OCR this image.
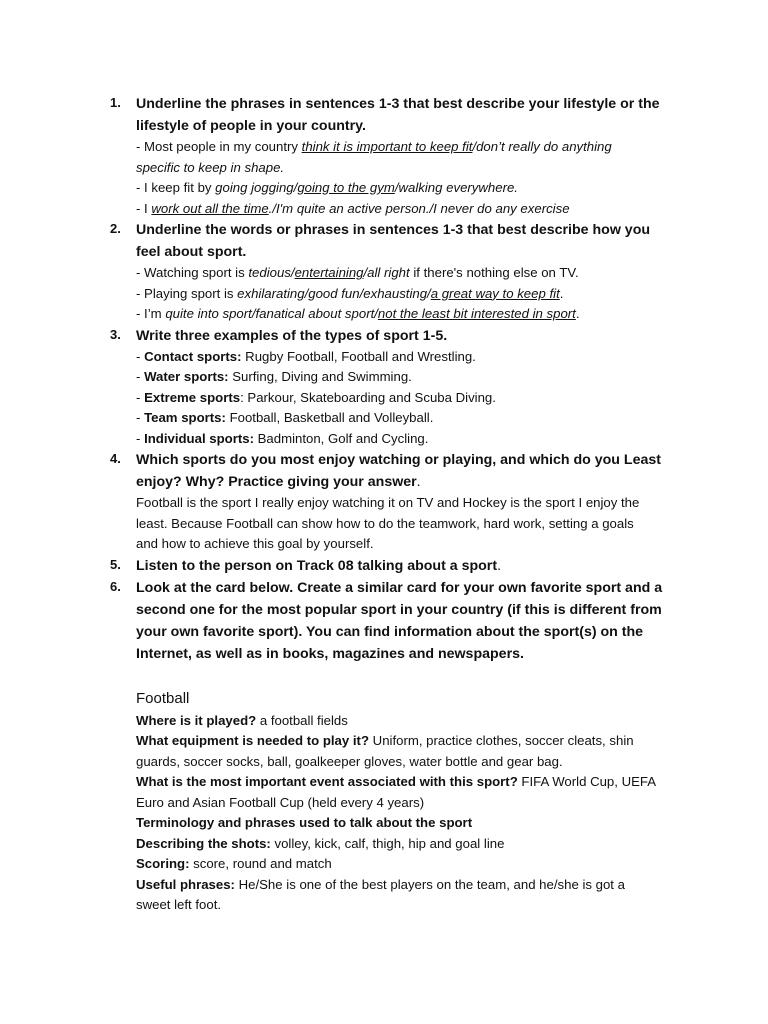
1. Underline the phrases in sentences 1-3 that best describe your lifestyle or the
lifestyle of people in your country.
- Most people in my country think it is important to keep fit/don’t really do anything
specific to keep in shape.
- I keep fit by going jogging/going to the gym/walking everywhere.
- I work out all the time./I'm quite an active person./I never do any exercise
2. Underline the words or phrases in sentences 1-3 that best describe how you
feel about sport.
- Watching sport is tedious/entertaining/all right if there's nothing else on TV.
- Playing sport is exhilarating/good fun/exhausting/a great way to keep fit.
- I’m quite into sport/fanatical about sport/not the least bit interested in sport.
3. Write three examples of the types of sport 1-5.
- Contact sports: Rugby Football, Football and Wrestling.
- Water sports: Surfing, Diving and Swimming.
- Extreme sports: Parkour, Skateboarding and Scuba Diving.
- Team sports: Football, Basketball and Volleyball.
- Individual sports: Badminton, Golf and Cycling.
4. Which sports do you most enjoy watching or playing, and which do you Least
enjoy? Why? Practice giving your answer.
Football is the sport I really enjoy watching it on TV and Hockey is the sport I enjoy the
least. Because Football can show how to do the teamwork, hard work, setting a goals
and how to achieve this goal by yourself.
5. Listen to the person on Track 08 talking about a sport.
6. Look at the card below. Create a similar card for your own favorite sport and a
second one for the most popular sport in your country (if this is different from
your own favorite sport). You can find information about the sport(s) on the
Internet, as well as in books, magazines and newspapers.
Football
Where is it played? a football fields
What equipment is needed to play it? Uniform, practice clothes, soccer cleats, shin
guards, soccer socks, ball, goalkeeper gloves, water bottle and gear bag.
What is the most important event associated with this sport? FIFA World Cup, UEFA
Euro and Asian Football Cup (held every 4 years)
Terminology and phrases used to talk about the sport
Describing the shots: volley, kick, calf, thigh, hip and goal line
Scoring: score, round and match
Useful phrases: He/She is one of the best players on the team, and he/she is got a
sweet left foot.
